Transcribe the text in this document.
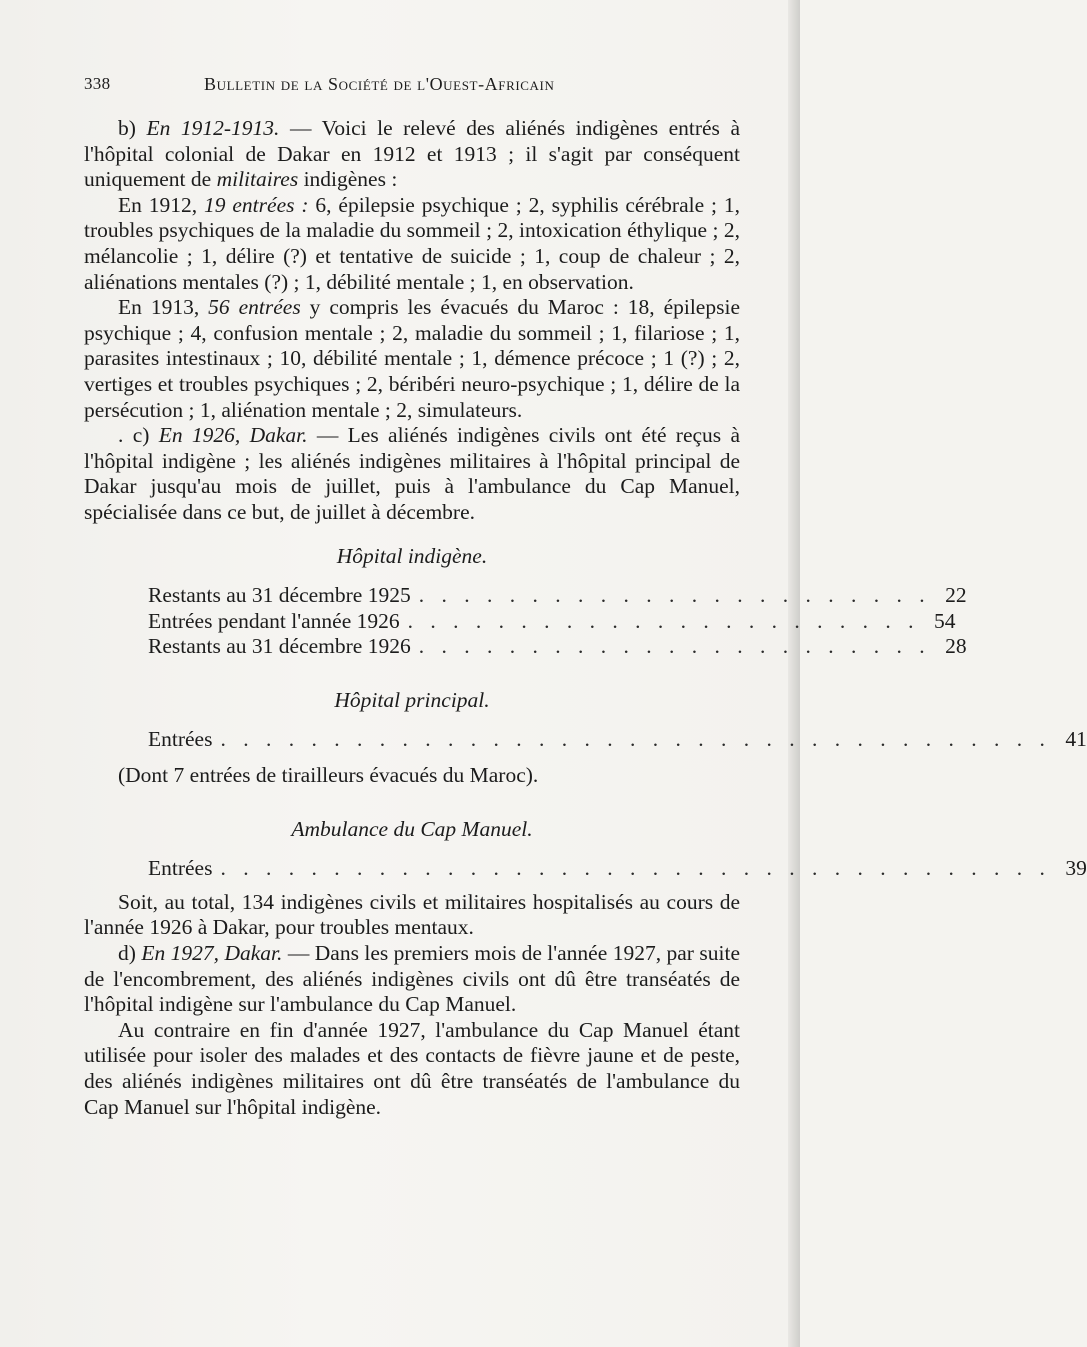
338	Bulletin de la Société de l'Ouest-Africain

b) En 1912-1913. — Voici le relevé des aliénés indigènes entrés à l'hôpital colonial de Dakar en 1912 et 1913 ; il s'agit par conséquent uniquement de militaires indigènes :

En 1912, 19 entrées : 6, épilepsie psychique ; 2, syphilis cérébrale ; 1, troubles psychiques de la maladie du sommeil ; 2, intoxication éthylique ; 2, mélancolie ; 1, délire (?) et tentative de suicide ; 1, coup de chaleur ; 2, aliénations mentales (?) ; 1, débilité mentale ; 1, en observation.

En 1913, 56 entrées y compris les évacués du Maroc : 18, épilepsie psychique ; 4, confusion mentale ; 2, maladie du sommeil ; 1, filariose ; 1, parasites intestinaux ; 10, débilité mentale ; 1, démence précoce ; 1 (?) ; 2, vertiges et troubles psychiques ; 2, béribéri neuro-psychique ; 1, délire de la persécution ; 1, aliénation mentale ; 2, simulateurs.

. c) En 1926, Dakar. — Les aliénés indigènes civils ont été reçus à l'hôpital indigène ; les aliénés indigènes militaires à l'hôpital principal de Dakar jusqu'au mois de juillet, puis à l'ambulance du Cap Manuel, spécialisée dans ce but, de juillet à décembre.

Hôpital indigène.
Restants au 31 décembre 1925 . . . . . . . . . . . . . . . . . . . . . . . 22
Entrées pendant l'année 1926 . . . . . . . . . . . . . . . . . . . . . . . 54
Restants au 31 décembre 1926 . . . . . . . . . . . . . . . . . . . . . . . 28
Hôpital principal.
Entrées . . . . . . . . . . . . . . . . . . . . . . . . . . . . . . . . . . . . . 41
(Dont 7 entrées de tirailleurs évacués du Maroc).
Ambulance du Cap Manuel.
Entrées . . . . . . . . . . . . . . . . . . . . . . . . . . . . . . . . . . . . . 39

Soit, au total, 134 indigènes civils et militaires hospitalisés au cours de l'année 1926 à Dakar, pour troubles mentaux.

d) En 1927, Dakar. — Dans les premiers mois de l'année 1927, par suite de l'encombrement, des aliénés indigènes civils ont dû être transéatés de l'hôpital indigène sur l'ambulance du Cap Manuel.

Au contraire en fin d'année 1927, l'ambulance du Cap Manuel étant utilisée pour isoler des malades et des contacts de fièvre jaune et de peste, des aliénés indigènes militaires ont dû être transéatés de l'ambulance du Cap Manuel sur l'hôpital indigène.
